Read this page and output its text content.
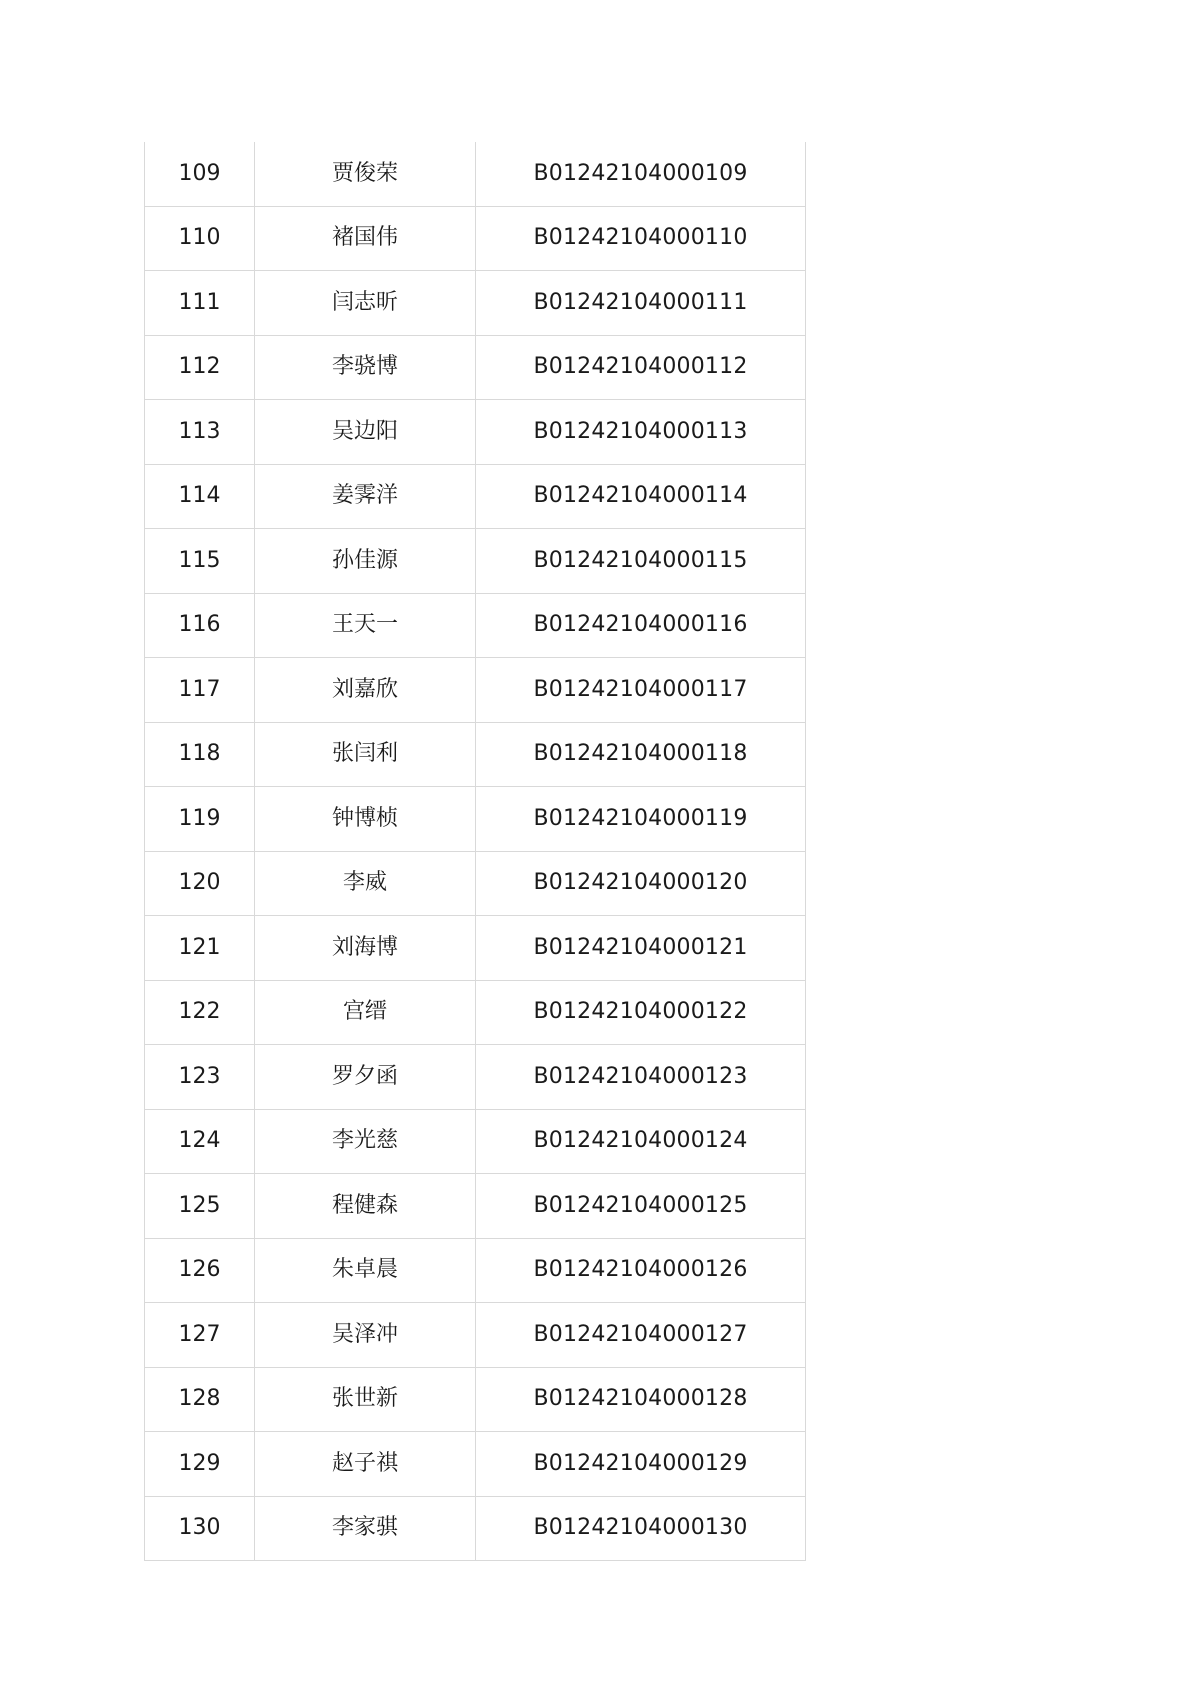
109	贾俊荣	B01242104000109
110	褚国伟	B01242104000110
111	闫志昕	B01242104000111
112	李骁博	B01242104000112
113	吴边阳	B01242104000113
114	姜霁洋	B01242104000114
115	孙佳源	B01242104000115
116	王天一	B01242104000116
117	刘嘉欣	B01242104000117
118	张闫利	B01242104000118
119	钟博桢	B01242104000119
120	李威	B01242104000120
121	刘海博	B01242104000121
122	宫缙	B01242104000122
123	罗夕函	B01242104000123
124	李光慈	B01242104000124
125	程健森	B01242104000125
126	朱卓晨	B01242104000126
127	吴泽冲	B01242104000127
128	张世新	B01242104000128
129	赵子祺	B01242104000129
130	李家骐	B01242104000130
